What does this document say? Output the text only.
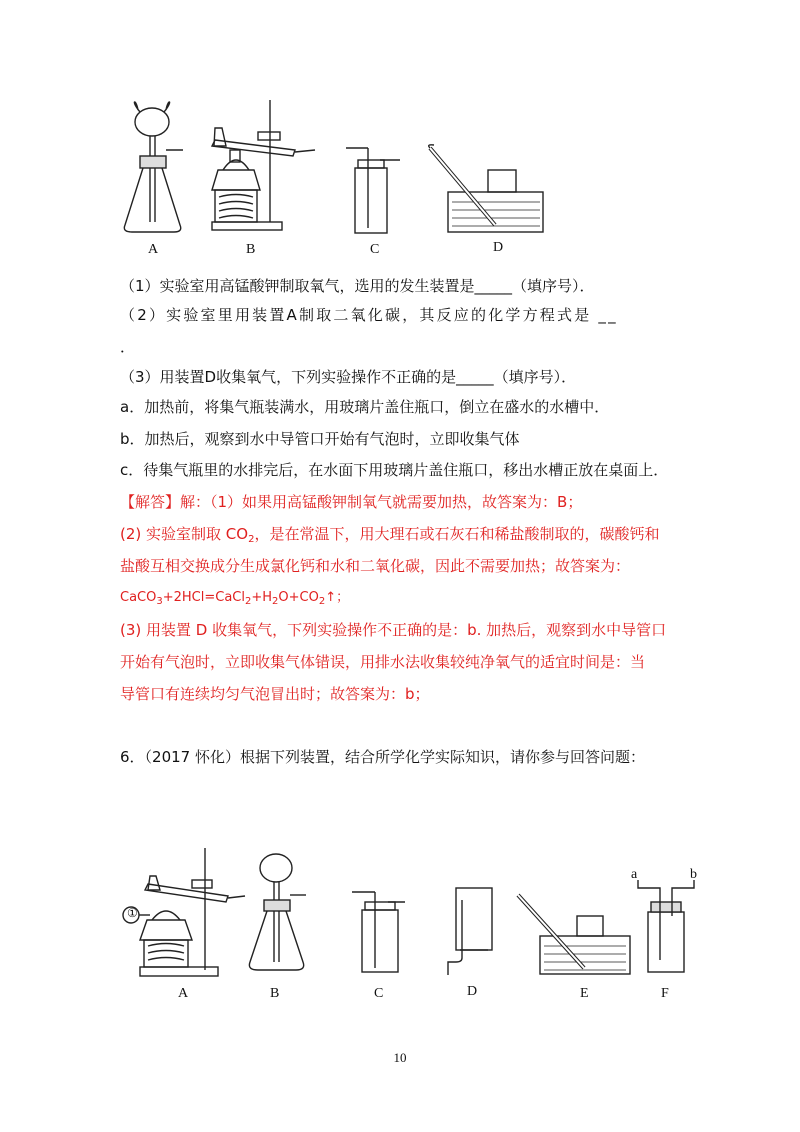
A	B	C	D
（1）实验室用高锰酸钾制取氧气，选用的发生装置是_____（填序号）．
（2）实验室里用装置A制取二氧化碳，其反应的化学方程式是 __
．
（3）用装置D收集氧气，下列实验操作不正确的是_____（填序号）．
a．加热前，将集气瓶装满水，用玻璃片盖住瓶口，倒立在盛水的水槽中．
b．加热后，观察到水中导管口开始有气泡时，立即收集气体
c．待集气瓶里的水排完后，在水面下用玻璃片盖住瓶口，移出水槽正放在桌面上．
【解答】解：（1）如果用高锰酸钾制氧气就需要加热，故答案为：B；
(2) 实验室制取 $CO_2$，是在常温下，用大理石或石灰石和稀盐酸制取的，碳酸钙和
盐酸互相交换成分生成氯化钙和水和二氧化碳，因此不需要加热；故答案为：
$CaCO_3+2HCl=CaCl_2+H_2O+CO_2↑$；
(3) 用装置 D 收集氧气，下列实验操作不正确的是：b. 加热后，观察到水中导管口
开始有气泡时，立即收集气体错误，用排水法收集较纯净氧气的适宜时间是：当
导管口有连续均匀气泡冒出时；故答案为：b；
6．（2017 怀化）根据下列装置，结合所学化学实际知识，请你参与回答问题：
①
a	b
A	B	C	D	E	F
10
